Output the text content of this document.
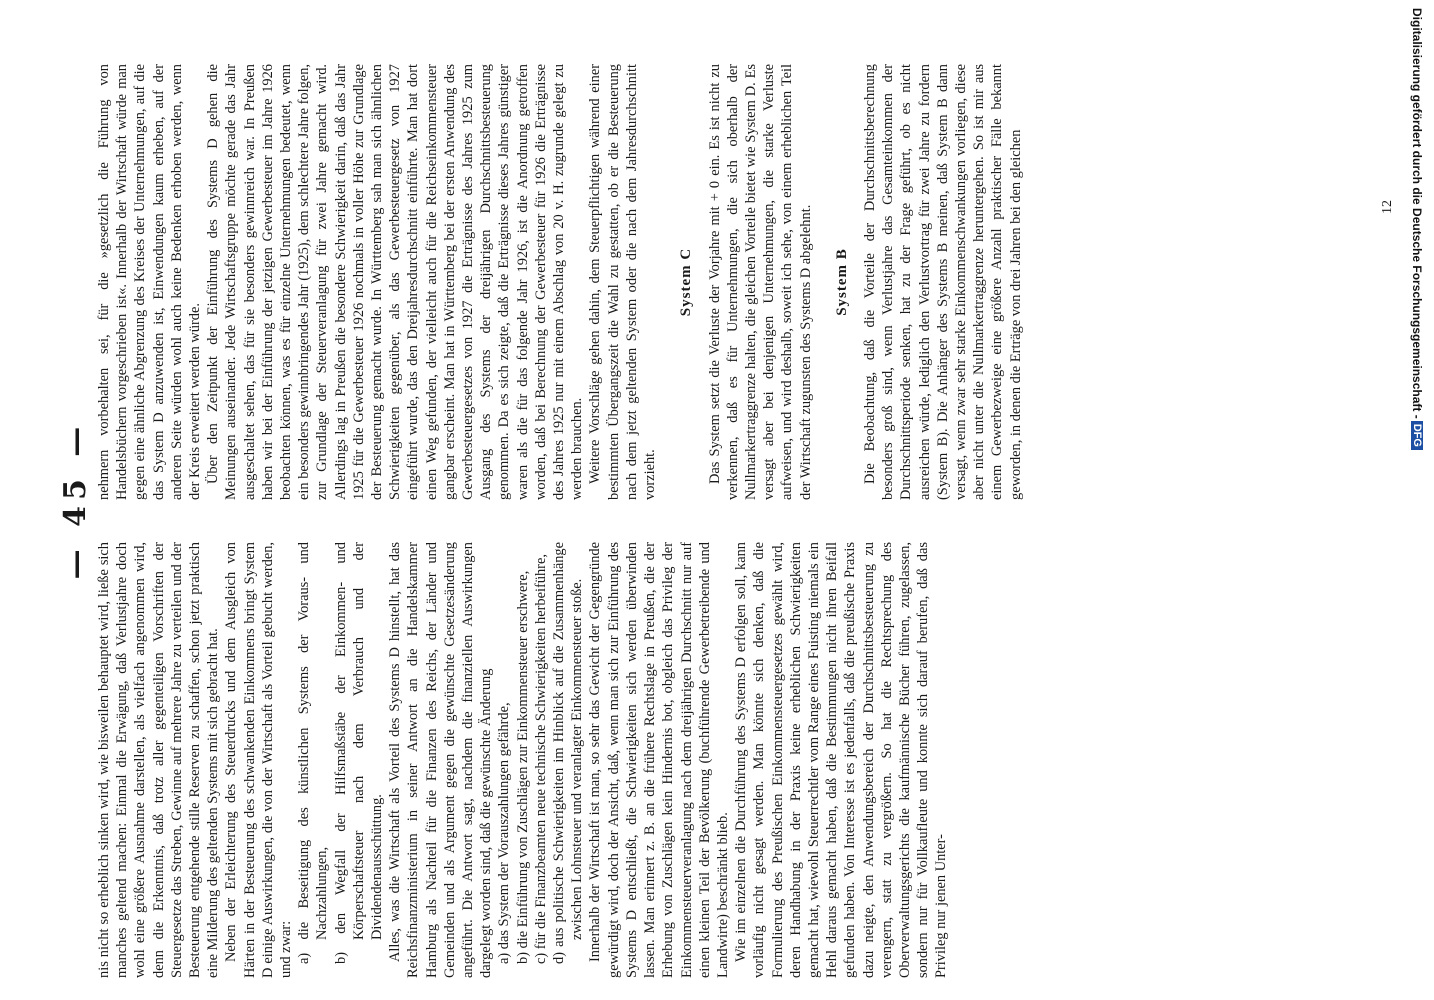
— 45 —

nis nicht so erheblich sinken wird, wie bisweilen behauptet wird, ließe sich manches geltend machen: Einmal die Erwägung, daß Verlustjahre doch wohl eine größere Ausnahme darstellen, als vielfach angenommen wird, denn die Erkenntnis, daß trotz aller gegenteiligen Vorschriften der Steuergesetze das Streben, Gewinne auf mehrere Jahre zu verteilen und der Besteuerung entgehende stille Reserven zu schaffen, schon jetzt praktisch eine Milderung des geltenden Systems mit sich gebracht hat. Neben der Erleichterung des Steuerdrucks und dem Ausgleich von Härten in der Besteuerung des schwankenden Einkommens bringt System D einige Auswirkungen, die von der Wirtschaft als Vorteil gebucht werden, und zwar: a) die Beseitigung des künstlichen Systems der Voraus- und Nachzahlungen, b) den Wegfall der Hilfsmaßstäbe der Einkommen- und Körperschaftsteuer nach dem Verbrauch und der Dividendenausschüttung. Alles, was die Wirtschaft als Vorteil des Systems D hinstellt, hat das Reichsfinanzministerium in seiner Antwort an die Handelskammer Hamburg als Nachteil für die Finanzen des Reichs, der Länder und Gemeinden und als Argument gegen die gewünschte Gesetzesänderung angeführt. Die Antwort sagt, nachdem die finanziellen Auswirkungen dargelegt worden sind, daß die gewünschte Änderung a) das System der Vorauszahlungen gefährde, b) die Einführung von Zuschlägen zur Einkommensteuer erschwere, c) für die Finanzbeamten neue technische Schwierigkeiten herbeiführe, d) aus politische Schwierigkeiten im Hinblick auf die Zusammenhänge zwischen Lohnsteuer und veranlagter Einkommensteuer stoße. Innerhalb der Wirtschaft ist man, so sehr das Gewicht der Gegengründe gewürdigt wird, doch der Ansicht, daß, wenn man sich zur Einführung des Systems D entschließt, die Schwierigkeiten sich werden überwinden lassen. Man erinnert z. B. an die frühere Rechtslage in Preußen, die der Erhebung von Zuschlägen kein Hindernis bot, obgleich das Privileg der Einkommensteuerveranlagung nach dem dreijährigen Durchschnitt nur auf einen kleinen Teil der Bevölkerung (buchführende Gewerbetreibende und Landwirte) beschränkt blieb. Wie im einzelnen die Durchführung des Systems D erfolgen soll, kann vorläufig nicht gesagt werden. Man könnte sich denken, daß die Formulierung des Preußischen Einkommensteuergesetzes gewählt wird, deren Handhabung in der Praxis keine erheblichen Schwierigkeiten gemacht hat, wiewohl Steuerrechtler vom Range eines Fuisting niemals ein Hehl daraus gemacht haben, daß die Bestimmungen nicht ihren Beifall gefunden haben. Von Interesse ist es jedenfalls, daß die preußische Praxis dazu neigte, den Anwendungsbereich der Durchschnittsbesteuerung zu verengern, statt zu vergrößern. So hat die Rechtsprechung des Oberverwaltungsgerichts die kaufmännische Bücher führen, zugelassen, sondern nur für Vollkaufleute und konnte sich darauf berufen, daß das Privileg nur jenen Unter-

nehmern vorbehalten sei, für die »gesetzlich die Führung von Handelsbüchern vorgeschrieben ist«. Innerhalb der Wirtschaft würde man gegen eine ähnliche Abgrenzung des Kreises der Unternehmungen, auf die das System D anzuwenden ist, Einwendungen kaum erheben, auf der anderen Seite würden wohl auch keine Bedenken erhoben werden, wenn der Kreis erweitert werden würde. Über den Zeitpunkt der Einführung des Systems D gehen die Meinungen auseinander. Jede Wirtschaftsgruppe möchte gerade das Jahr ausgeschaltet sehen, das für sie besonders gewinnreich war. In Preußen haben wir bei der Einführung der jetzigen Gewerbesteuer im Jahre 1926 beobachten können, was es für einzelne Unternehmungen bedeutet, wenn ein besonders gewinnbringendes Jahr (1925), dem schlechtere Jahre folgen, zur Grundlage der Steuerveranlagung für zwei Jahre gemacht wird. Allerdings lag in Preußen die besondere Schwierigkeit darin, daß das Jahr 1925 für die Gewerbesteuer 1926 nochmals in voller Höhe zur Grundlage der Besteuerung gemacht wurde. In Württemberg sah man sich ähnlichen Schwierigkeiten gegenüber, als das Gewerbesteuergesetz von 1927 eingeführt wurde, das den Dreijahresdurchschnitt einführte. Man hat dort einen Weg gefunden, der vielleicht auch für die Reichseinkommensteuer gangbar erscheint. Man hat in Württemberg bei der ersten Anwendung des Gewerbesteuergesetzes von 1927 die Erträgnisse des Jahres 1925 zum Ausgang des Systems der dreijährigen Durchschnittsbesteuerung genommen. Da es sich zeigte, daß die Erträgnisse dieses Jahres günstiger waren als die für das folgende Jahr 1926, ist die Anordnung getroffen worden, daß bei Berechnung der Gewerbesteuer für 1926 die Erträgnisse des Jahres 1925 nur mit einem Abschlag von 20 v. H. zugrunde gelegt zu werden brauchen. Weitere Vorschläge gehen dahin, dem Steuerpflichtigen während einer bestimmten Übergangszeit die Wahl zu gestatten, ob er die Besteuerung nach dem jetzt geltenden System oder die nach dem Jahresdurchschnitt vorzieht.

System C Das System setzt die Verluste der Vorjahre mit + 0 ein. Es ist nicht zu verkennen, daß es für Unternehmungen, die sich oberhalb der Nullmarkertraggrenze halten, die gleichen Vorteile bietet wie System D. Es versagt aber bei denjenigen Unternehmungen, die starke Verluste aufweisen, und wird deshalb, soweit ich sehe, von einem erheblichen Teil der Wirtschaft zugunsten des Systems D abgelehnt. System B Die Beobachtung, daß die Vorteile der Durchschnittsberechnung besonders groß sind, wenn Verlustjahre das Gesamteinkommen der Durchschnittsperiode senken, hat zu der Frage geführt, ob es nicht ausreichen würde, lediglich den Verlustvortrag für zwei Jahre zu fordern (System B). Die Anhänger des Systems B meinen, daß System B dann versagt, wenn zwar sehr starke Einkommenschwankungen vorliegen, diese aber nicht unter die Nullmarkertraggrenze heruntergehen. So ist mir aus einem Gewerbezweige eine größere Anzahl praktischer Fälle bekannt geworden, in denen die Erträge von drei Jahren bei den gleichen	12 Digitalisierung gefördert durch die Deutsche Forschungsgemeinschaft -
DFG
